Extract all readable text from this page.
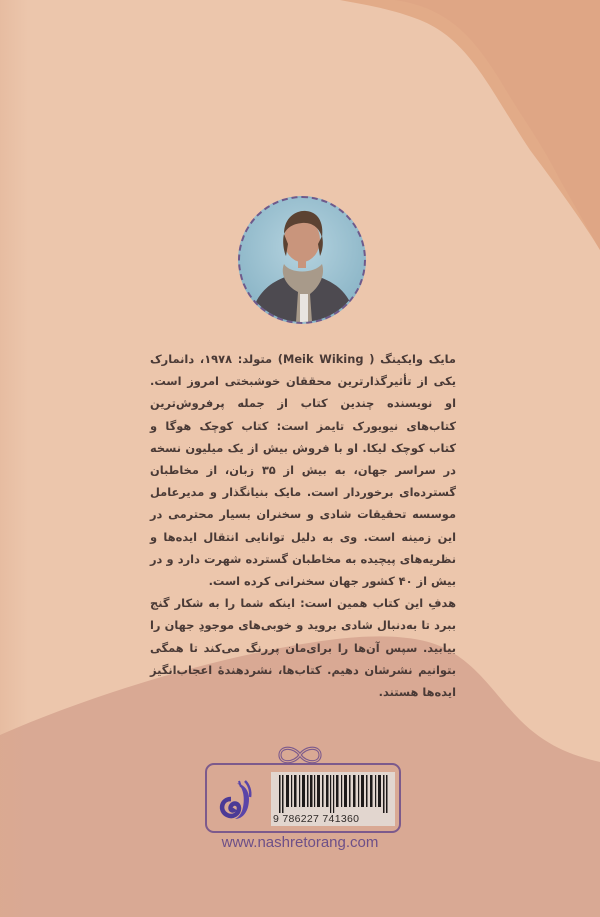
مایک وایکینگ ( Meik Wiking) متولد: ۱۹۷۸، دانمارک یکی از تأثیرگذارترین محققان خوشبختی امروز است. او نویسنده چندین کتاب از جمله پرفروش‌ترین کتاب‌های نیویورک تایمز است: کتاب کوچک هوگا و کتاب کوچک لیکا. او با فروش بیش از یک میلیون نسخه در سراسر جهان، به بیش از ۳۵ زبان، از مخاطبان گسترده‌ای برخوردار است. مایک بنیانگذار و مدیرعامل موسسه تحقیقات شادی و سخنران بسیار محترمی در این زمینه است. وی به دلیل توانایی انتقال ایده‌ها و نظریه‌های پیچیده به مخاطبان گسترده شهرت دارد و در بیش از ۴۰ کشور جهان سخنرانی کرده است.

هدفِ این کتاب همین است: اینکه شما را به شکار گنج ببرد تا به‌دنبال شادی بروید و خوبی‌های موجودِ جهان را بیابید. سپس آن‌ها را برای‌مان پررنگ می‌کند تا همگی بتوانیم نشرشان دهیم. کتاب‌ها، نشردهندهٔ اعجاب‌انگیز ایده‌ها هستند.

9 786227 741360
www.nashretorang.com
